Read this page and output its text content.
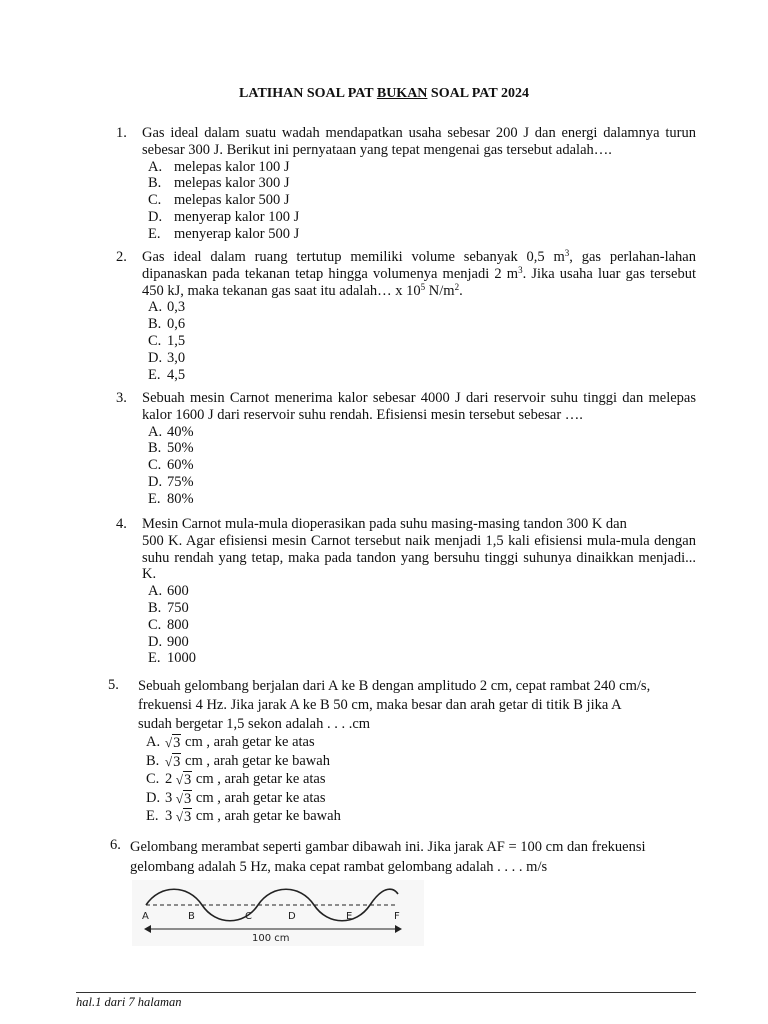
LATIHAN SOAL PAT BUKAN SOAL PAT 2024
1. Gas ideal dalam suatu wadah mendapatkan usaha sebesar 200 J dan energi dalamnya turun sebesar 300 J. Berikut ini pernyataan yang tepat mengenai gas tersebut adalah….
A. melepas kalor 100 J
B. melepas kalor 300 J
C. melepas kalor 500 J
D. menyerap kalor 100 J
E. menyerap kalor 500 J
2. Gas ideal dalam ruang tertutup memiliki volume sebanyak 0,5 $m^3$, gas perlahan-lahan dipanaskan pada tekanan tetap hingga volumenya menjadi 2 $m^3$. Jika usaha luar gas tersebut 450 kJ, maka tekanan gas saat itu adalah… x $10^5$ $N/m^2$.
A. 0,3
B. 0,6
C. 1,5
D. 3,0
E. 4,5
3. Sebuah mesin Carnot menerima kalor sebesar 4000 J dari reservoir suhu tinggi dan melepas kalor 1600 J dari reservoir suhu rendah. Efisiensi mesin tersebut sebesar ….
A. 40%
B. 50%
C. 60%
D. 75%
E. 80%
4. Mesin Carnot mula-mula dioperasikan pada suhu masing-masing tandon 300 K dan
500 K. Agar efisiensi mesin Carnot tersebut naik menjadi 1,5 kali efisiensi mula-mula dengan suhu rendah yang tetap, maka pada tandon yang bersuhu tinggi suhunya dinaikkan menjadi... K.
A. 600
B. 750
C. 800
D. 900
E. 1000
5. Sebuah gelombang berjalan dari A ke B dengan amplitudo 2 cm, cepat rambat 240 cm/s,
frekuensi 4 Hz. Jika jarak A ke B 50 cm, maka besar dan arah getar di titik B jika A
sudah bergetar 1,5 sekon adalah . . . .cm
A. √3
cm , arah getar ke atas
B. √3
cm , arah getar ke bawah
C. 2
√3
cm , arah getar ke atas
D. 3
√3
cm , arah getar ke atas
E. 3
√3
cm , arah getar ke bawah
6. Gelombang merambat seperti gambar dibawah ini. Jika jarak AF = 100 cm dan frekuensi
gelombang adalah 5 Hz, maka cepat rambat gelombang adalah . . . . m/s
A	B	C	D	E	F
100 cm
hal.1 dari 7 halaman
